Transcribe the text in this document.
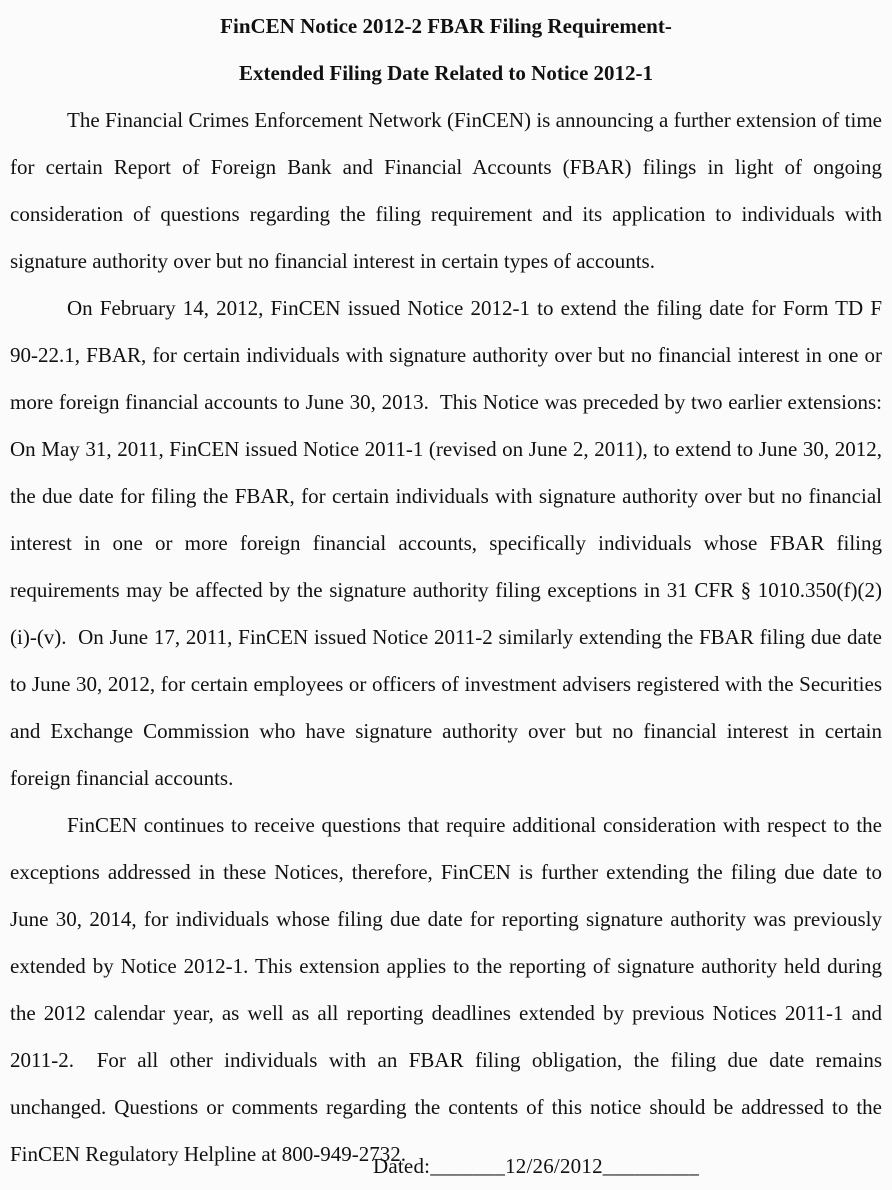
FinCEN Notice 2012-2 FBAR Filing Requirement-
Extended Filing Date Related to Notice 2012-1

The Financial Crimes Enforcement Network (FinCEN) is announcing a further extension of time for certain Report of Foreign Bank and Financial Accounts (FBAR) filings in light of ongoing consideration of questions regarding the filing requirement and its application to individuals with signature authority over but no financial interest in certain types of accounts.

On February 14, 2012, FinCEN issued Notice 2012-1 to extend the filing date for Form TD F 90-22.1, FBAR, for certain individuals with signature authority over but no financial interest in one or more foreign financial accounts to June 30, 2013.  This Notice was preceded by two earlier extensions:  On May 31, 2011, FinCEN issued Notice 2011-1 (revised on June 2, 2011), to extend to June 30, 2012, the due date for filing the FBAR, for certain individuals with signature authority over but no financial interest in one or more foreign financial accounts, specifically individuals whose FBAR filing requirements may be affected by the signature authority filing exceptions in 31 CFR § 1010.350(f)(2)(i)-(v).  On June 17, 2011, FinCEN issued Notice 2011-2 similarly extending the FBAR filing due date to June 30, 2012, for certain employees or officers of investment advisers registered with the Securities and Exchange Commission who have signature authority over but no financial interest in certain foreign financial accounts.

FinCEN continues to receive questions that require additional consideration with respect to the exceptions addressed in these Notices, therefore, FinCEN is further extending the filing due date to June 30, 2014, for individuals whose filing due date for reporting signature authority was previously extended by Notice 2012-1. This extension applies to the reporting of signature authority held during the 2012 calendar year, as well as all reporting deadlines extended by previous Notices 2011-1 and 2011-2.  For all other individuals with an FBAR filing obligation, the filing due date remains unchanged. Questions or comments regarding the contents of this notice should be addressed to the FinCEN Regulatory Helpline at 800-949-2732.

Dated:_______12/26/2012_________
